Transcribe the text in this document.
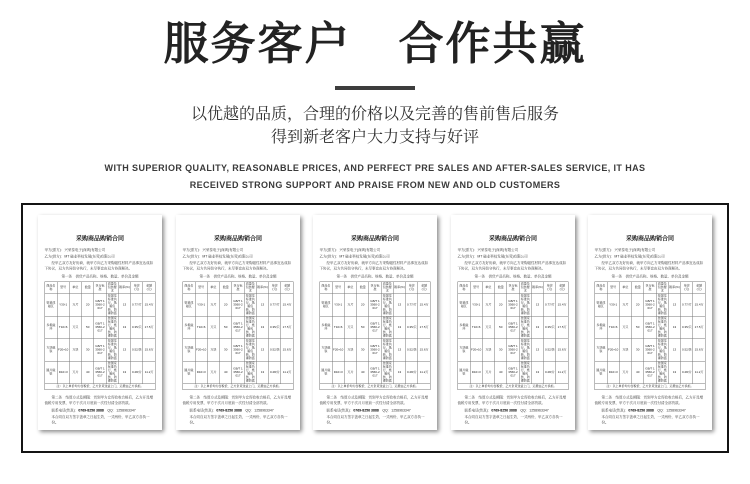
服务客户　合作共赢
以优越的品质，合理的价格以及完善的售前售后服务
得到新老客户大力支持与好评
WITH SUPERIOR QUALITY, REASONABLE PRICES, AND PERFECT PRE SALES AND AFTER-SALES SERVICE, IT HAS
RECEIVED STRONG SUPPORT AND PRAISE FROM NEW AND OLD CUSTOMERS
采购商品购销合同
甲方(需方)：兴荣泰电子(深圳)有限公司
乙方(供方)：MT 磁业科技发展(东莞)有限公司
经甲乙双方友好协商，就甲方向乙方采购磁性材料产品事宜达成如下协议，双方共同信守执行，未尽事宜由双方协商解决。
第一条　供货产品名称、规格、数量、单价及金额
商品名称	型号	单位	数量	执行标准	质量及包装要求	税率(%)	单价(元)	金额(元)
铁氧体磁瓦	Y30-1	万片	20	GB/T 13560-2017	按国家标准执行，纸箱包装，防潮防震	13	0.77/片	15.4万
多极磁环	T10×6	万只	50	GB/T 13560-2017	按国家标准执行，纸箱包装，防潮防震	13	0.35/只	17.5万
方块磁铁	F20×10	万块	30	GB/T 13560-2017	按国家标准执行，纸箱包装，防潮防震	13	0.52/块	15.6万
圆片磁铁	D10×3	万片	40	GB/T 13560-2017	按国家标准执行，纸箱包装，防潮防震	13	0.28/片	11.2万
注：以上单价均为含税价，乙方负责送货上门，运费由乙方承担。								
第二条　结算方式及期限：货到甲方仓库验收合格后，乙方开具增值税专用发票，甲方于次月月底前一次性付清全部货款。
联系电话(传真)：0769-8256 3888　QQ：1258963347
本合同自双方签字盖章之日起生效，一式两份，甲乙双方各执一份。
采购商品购销合同
甲方(需方)：兴荣泰电子(深圳)有限公司
乙方(供方)：MT 磁业科技发展(东莞)有限公司
经甲乙双方友好协商，就甲方向乙方采购磁性材料产品事宜达成如下协议，双方共同信守执行，未尽事宜由双方协商解决。
第一条　供货产品名称、规格、数量、单价及金额
商品名称	型号	单位	数量	执行标准	质量及包装要求	税率(%)	单价(元)	金额(元)
铁氧体磁瓦	Y30-1	万片	20	GB/T 13560-2017	按国家标准执行，纸箱包装，防潮防震	13	0.77/片	15.4万
多极磁环	T10×6	万只	50	GB/T 13560-2017	按国家标准执行，纸箱包装，防潮防震	13	0.35/只	17.5万
方块磁铁	F20×10	万块	30	GB/T 13560-2017	按国家标准执行，纸箱包装，防潮防震	13	0.52/块	15.6万
圆片磁铁	D10×3	万片	40	GB/T 13560-2017	按国家标准执行，纸箱包装，防潮防震	13	0.28/片	11.2万
注：以上单价均为含税价，乙方负责送货上门，运费由乙方承担。								
第二条　结算方式及期限：货到甲方仓库验收合格后，乙方开具增值税专用发票，甲方于次月月底前一次性付清全部货款。
联系电话(传真)：0769-8256 3888　QQ：1258963347
本合同自双方签字盖章之日起生效，一式两份，甲乙双方各执一份。
采购商品购销合同
甲方(需方)：兴荣泰电子(深圳)有限公司
乙方(供方)：MT 磁业科技发展(东莞)有限公司
经甲乙双方友好协商，就甲方向乙方采购磁性材料产品事宜达成如下协议，双方共同信守执行，未尽事宜由双方协商解决。
第一条　供货产品名称、规格、数量、单价及金额
商品名称	型号	单位	数量	执行标准	质量及包装要求	税率(%)	单价(元)	金额(元)
铁氧体磁瓦	Y30-1	万片	20	GB/T 13560-2017	按国家标准执行，纸箱包装，防潮防震	13	0.77/片	15.4万
多极磁环	T10×6	万只	50	GB/T 13560-2017	按国家标准执行，纸箱包装，防潮防震	13	0.35/只	17.5万
方块磁铁	F20×10	万块	30	GB/T 13560-2017	按国家标准执行，纸箱包装，防潮防震	13	0.52/块	15.6万
圆片磁铁	D10×3	万片	40	GB/T 13560-2017	按国家标准执行，纸箱包装，防潮防震	13	0.28/片	11.2万
注：以上单价均为含税价，乙方负责送货上门，运费由乙方承担。								
第二条　结算方式及期限：货到甲方仓库验收合格后，乙方开具增值税专用发票，甲方于次月月底前一次性付清全部货款。
联系电话(传真)：0769-8256 3888　QQ：1258963347
本合同自双方签字盖章之日起生效，一式两份，甲乙双方各执一份。
采购商品购销合同
甲方(需方)：兴荣泰电子(深圳)有限公司
乙方(供方)：MT 磁业科技发展(东莞)有限公司
经甲乙双方友好协商，就甲方向乙方采购磁性材料产品事宜达成如下协议，双方共同信守执行，未尽事宜由双方协商解决。
第一条　供货产品名称、规格、数量、单价及金额
商品名称	型号	单位	数量	执行标准	质量及包装要求	税率(%)	单价(元)	金额(元)
铁氧体磁瓦	Y30-1	万片	20	GB/T 13560-2017	按国家标准执行，纸箱包装，防潮防震	13	0.77/片	15.4万
多极磁环	T10×6	万只	50	GB/T 13560-2017	按国家标准执行，纸箱包装，防潮防震	13	0.35/只	17.5万
方块磁铁	F20×10	万块	30	GB/T 13560-2017	按国家标准执行，纸箱包装，防潮防震	13	0.52/块	15.6万
圆片磁铁	D10×3	万片	40	GB/T 13560-2017	按国家标准执行，纸箱包装，防潮防震	13	0.28/片	11.2万
注：以上单价均为含税价，乙方负责送货上门，运费由乙方承担。								
第二条　结算方式及期限：货到甲方仓库验收合格后，乙方开具增值税专用发票，甲方于次月月底前一次性付清全部货款。
联系电话(传真)：0769-8256 3888　QQ：1258963347
本合同自双方签字盖章之日起生效，一式两份，甲乙双方各执一份。
采购商品购销合同
甲方(需方)：兴荣泰电子(深圳)有限公司
乙方(供方)：MT 磁业科技发展(东莞)有限公司
经甲乙双方友好协商，就甲方向乙方采购磁性材料产品事宜达成如下协议，双方共同信守执行，未尽事宜由双方协商解决。
第一条　供货产品名称、规格、数量、单价及金额
商品名称	型号	单位	数量	执行标准	质量及包装要求	税率(%)	单价(元)	金额(元)
铁氧体磁瓦	Y30-1	万片	20	GB/T 13560-2017	按国家标准执行，纸箱包装，防潮防震	13	0.77/片	15.4万
多极磁环	T10×6	万只	50	GB/T 13560-2017	按国家标准执行，纸箱包装，防潮防震	13	0.35/只	17.5万
方块磁铁	F20×10	万块	30	GB/T 13560-2017	按国家标准执行，纸箱包装，防潮防震	13	0.52/块	15.6万
圆片磁铁	D10×3	万片	40	GB/T 13560-2017	按国家标准执行，纸箱包装，防潮防震	13	0.28/片	11.2万
注：以上单价均为含税价，乙方负责送货上门，运费由乙方承担。								
第二条　结算方式及期限：货到甲方仓库验收合格后，乙方开具增值税专用发票，甲方于次月月底前一次性付清全部货款。
联系电话(传真)：0769-8256 3888　QQ：1258963347
本合同自双方签字盖章之日起生效，一式两份，甲乙双方各执一份。
